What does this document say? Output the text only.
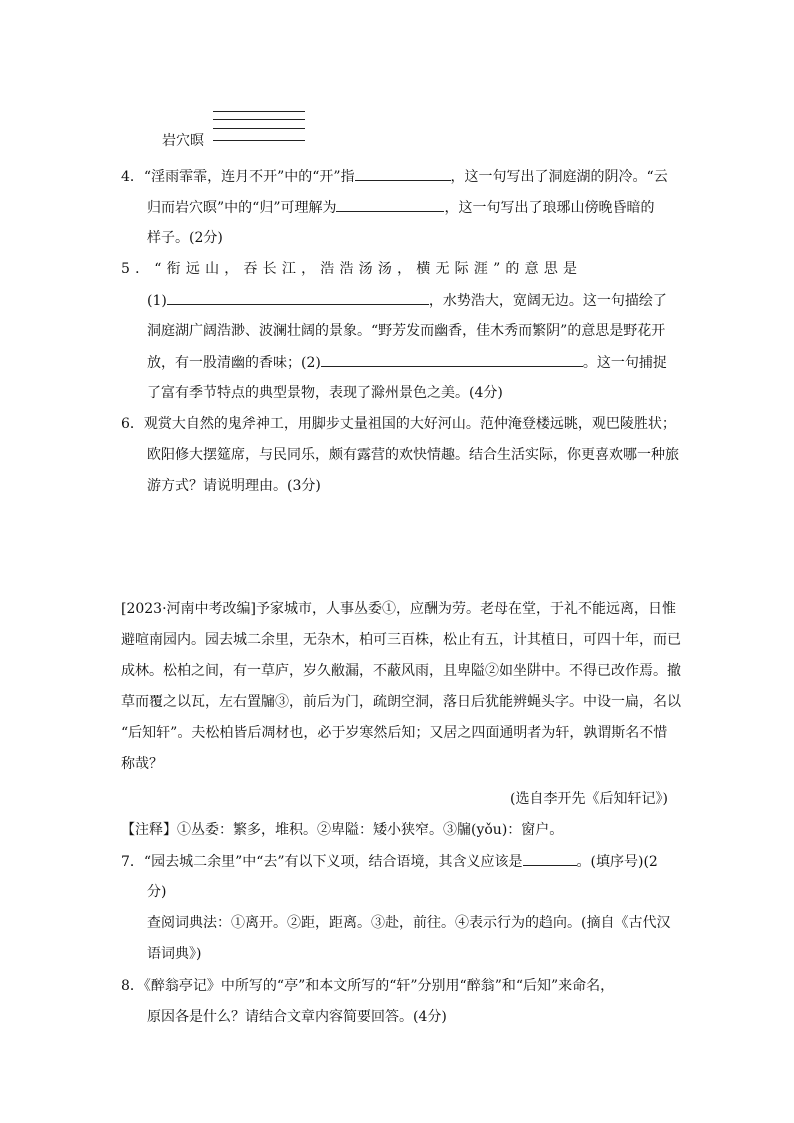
岩穴暝
4．“淫雨霏霏，连月不开”中的“开”指	，这一句写出了洞庭湖的阴冷。“云
归而岩穴暝”中的“归”可理解为	，这一句写出了琅琊山傍晚昏暗的
样子。(2分)
5．“衔远山，吞长江，浩浩汤汤，横无际涯”的意思是
(1)	，水势浩大，宽阔无边。这一句描绘了
洞庭湖广阔浩渺、波澜壮阔的景象。“野芳发而幽香，佳木秀而繁阴”的意思是野花开
放，有一股清幽的香味；(2)	。这一句捕捉
了富有季节特点的典型景物，表现了滁州景色之美。(4分)
6．观赏大自然的鬼斧神工，用脚步丈量祖国的大好河山。范仲淹登楼远眺，观巴陵胜状；
欧阳修大摆筵席，与民同乐，颇有露营的欢快情趣。结合生活实际，你更喜欢哪一种旅
游方式？请说明理由。(3分)
[2023·河南中考改编]予家城市，人事丛委①，应酬为劳。老母在堂，于礼不能远离，日惟
避喧南园内。园去城二余里，无杂木，柏可三百株，松止有五，计其植日，可四十年，而已
成林。松柏之间，有一草庐，岁久敝漏，不蔽风雨，且卑隘②如坐阱中。不得已改作焉。撤
草而覆之以瓦，左右置牖③，前后为门，疏朗空洞，落日后犹能辨蝇头字。中设一扁，名以
“后知轩”。夫松柏皆后凋材也，必于岁寒然后知；又居之四面通明者为轩，孰谓斯名不惜
称哉？
(选自李开先《后知轩记》)
【注释】①丛委：繁多，堆积。②卑隘：矮小狭窄。③牖(yǒu)：窗户。
7．“园去城二余里”中“去”有以下义项，结合语境，其含义应该是	。(填序号)(2
分)
查阅词典法：①离开。②距，距离。③赴，前往。④表示行为的趋向。(摘自《古代汉
语词典》)
8．《醉翁亭记》中所写的“亭”和本文所写的“轩”分别用“醉翁”和“后知”来命名，
原因各是什么？请结合文章内容简要回答。(4分)
